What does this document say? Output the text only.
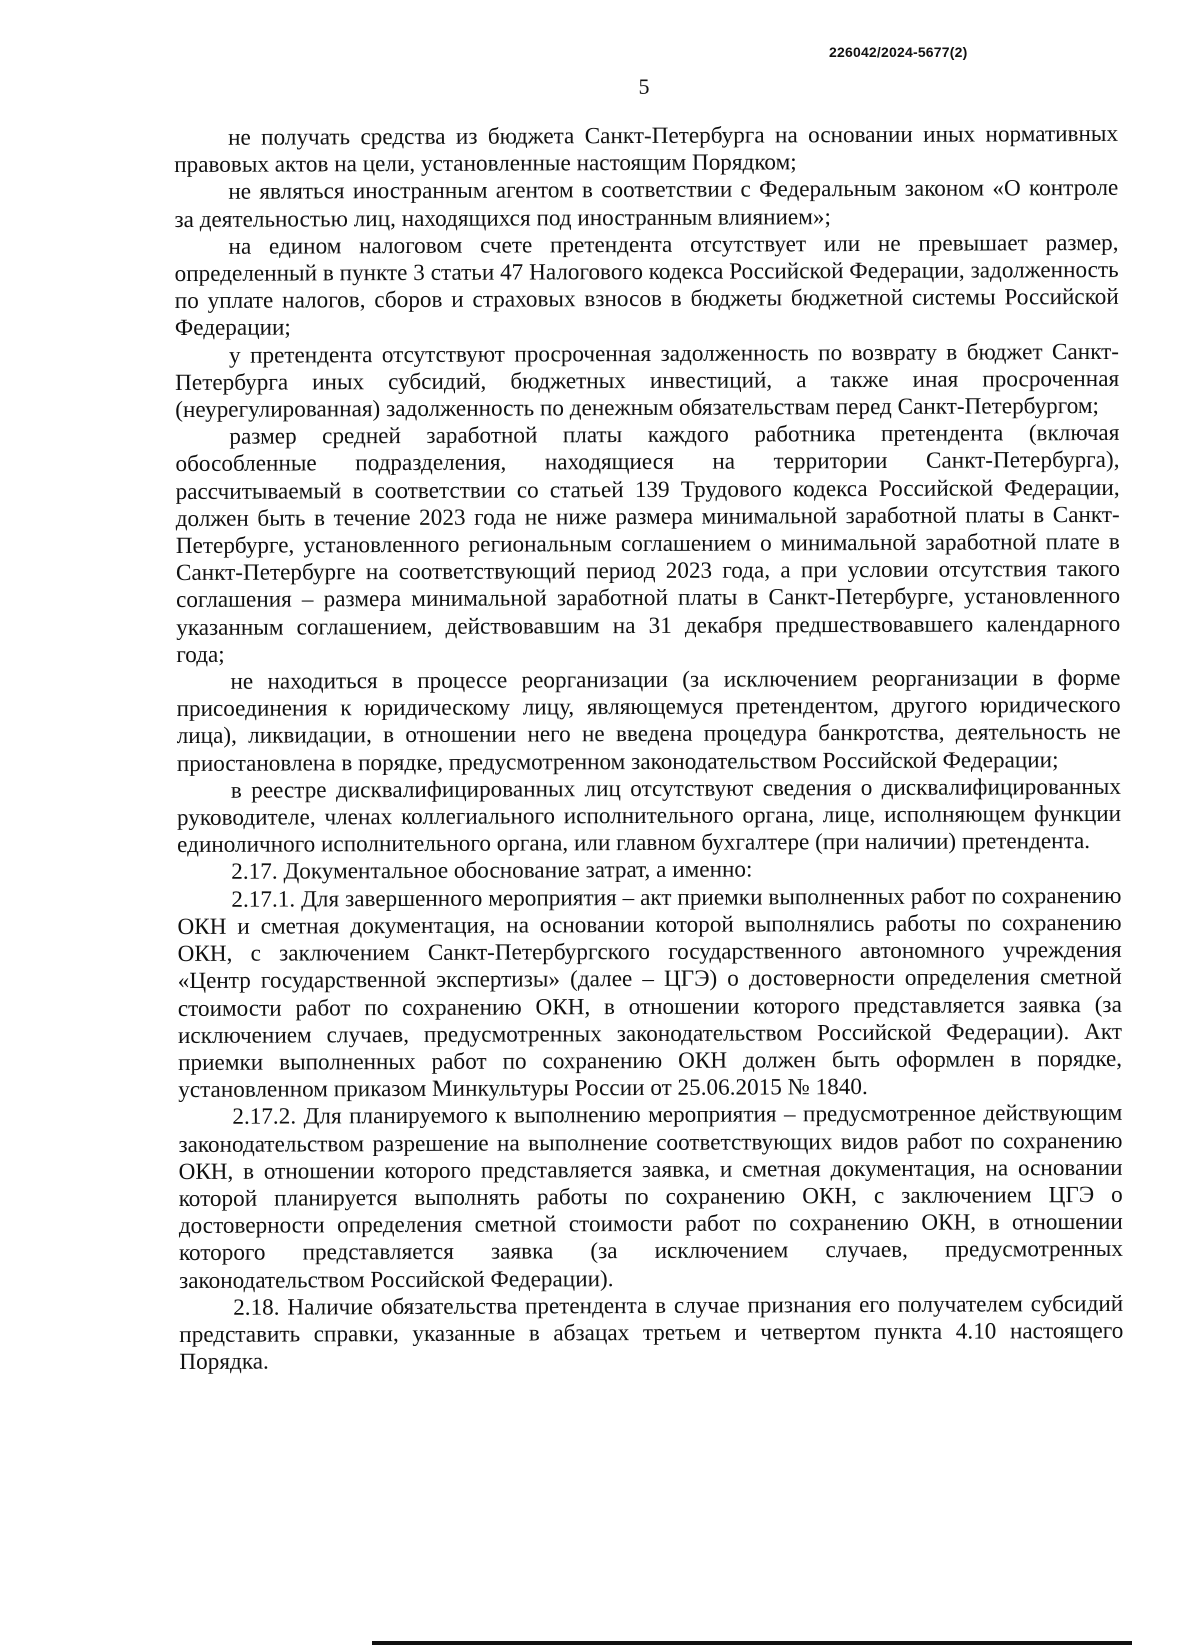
226042/2024-5677(2)
5

не получать средства из бюджета Санкт-Петербурга на основании иных нормативных правовых актов на цели, установленные настоящим Порядком;

не являться иностранным агентом в соответствии с Федеральным законом «О контроле за деятельностью лиц, находящихся под иностранным влиянием»;

на едином налоговом счете претендента отсутствует или не превышает размер, определенный в пункте 3 статьи 47 Налогового кодекса Российской Федерации, задолженность по уплате налогов, сборов и страховых взносов в бюджеты бюджетной системы Российской Федерации;

у претендента отсутствуют просроченная задолженность по возврату в бюджет Санкт-Петербурга иных субсидий, бюджетных инвестиций, а также иная просроченная (неурегулированная) задолженность по денежным обязательствам перед Санкт-Петербургом;

размер средней заработной платы каждого работника претендента (включая обособленные подразделения, находящиеся на территории Санкт-Петербурга), рассчитываемый в соответствии со статьей 139 Трудового кодекса Российской Федерации, должен быть в течение 2023 года не ниже размера минимальной заработной платы в Санкт-Петербурге, установленного региональным соглашением о минимальной заработной плате в Санкт-Петербурге на соответствующий период 2023 года, а при условии отсутствия такого соглашения – размера минимальной заработной платы в Санкт-Петербурге, установленного указанным соглашением, действовавшим на 31 декабря предшествовавшего календарного года;

не находиться в процессе реорганизации (за исключением реорганизации в форме присоединения к юридическому лицу, являющемуся претендентом, другого юридического лица), ликвидации, в отношении него не введена процедура банкротства, деятельность не приостановлена в порядке, предусмотренном законодательством Российской Федерации;

в реестре дисквалифицированных лиц отсутствуют сведения о дисквалифицированных руководителе, членах коллегиального исполнительного органа, лице, исполняющем функции единоличного исполнительного органа, или главном бухгалтере (при наличии) претендента.

2.17. Документальное обоснование затрат, а именно:

2.17.1. Для завершенного мероприятия – акт приемки выполненных работ по сохранению ОКН и сметная документация, на основании которой выполнялись работы по сохранению ОКН, с заключением Санкт-Петербургского государственного автономного учреждения «Центр государственной экспертизы» (далее – ЦГЭ) о достоверности определения сметной стоимости работ по сохранению ОКН, в отношении которого представляется заявка (за исключением случаев, предусмотренных законодательством Российской Федерации). Акт приемки выполненных работ по сохранению ОКН должен быть оформлен в порядке, установленном приказом Минкультуры России от 25.06.2015 № 1840.

2.17.2. Для планируемого к выполнению мероприятия – предусмотренное действующим законодательством разрешение на выполнение соответствующих видов работ по сохранению ОКН, в отношении которого представляется заявка, и сметная документация, на основании которой планируется выполнять работы по сохранению ОКН, с заключением ЦГЭ о достоверности определения сметной стоимости работ по сохранению ОКН, в отношении которого представляется заявка (за исключением случаев, предусмотренных законодательством Российской Федерации).

2.18. Наличие обязательства претендента в случае признания его получателем субсидий представить справки, указанные в абзацах третьем и четвертом пункта 4.10 настоящего Порядка.
